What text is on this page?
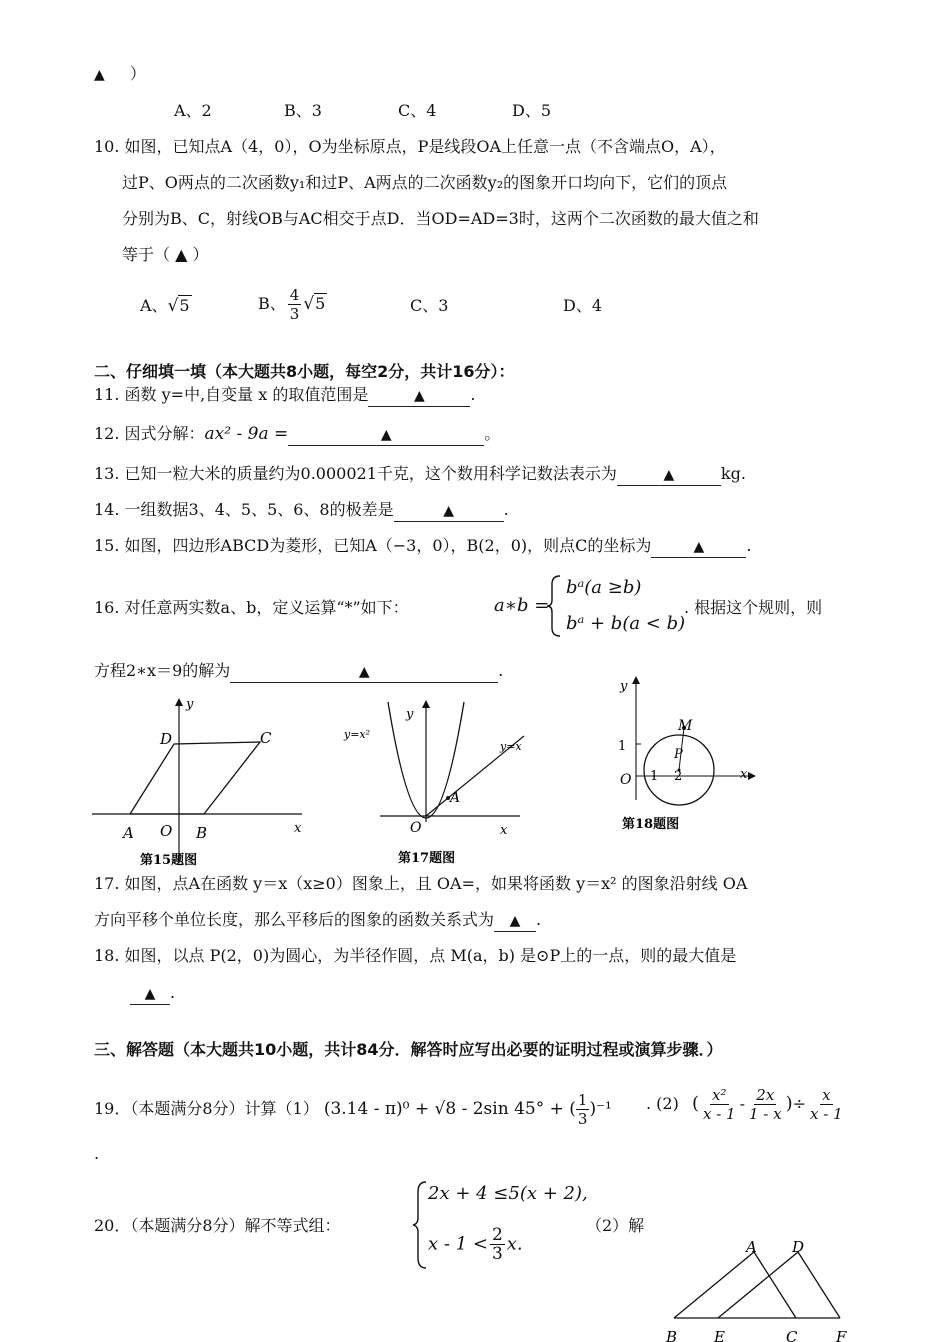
▲ ）
A、2	B、3	C、4	D、5
10. 如图，已知点A（4，0），O为坐标原点，P是线段OA上任意一点（不含端点O，A），
过P、O两点的二次函数y₁和过P、A两点的二次函数y₂的图象开口均向下，它们的顶点
分别为B、C，射线OB与AC相交于点D．当OD=AD=3时，这两个二次函数的最大值之和
等于（ ▲ ）
A、√5	B、 $\frac{4}{3} √5$	C、3	D、4
二、仔细填一填（本大题共8小题，每空2分，共计16分）：
11. 函数 y=中,自变量 x 的取值范围是	▲	.
12. 因式分解：ax² - 9a =	▲	。
13. 已知一粒大米的质量约为0.000021千克，这个数用科学记数法表示为	▲	kg.
14. 一组数据3、4、5、5、6、8的极差是	▲	.
15. 如图，四边形ABCD为菱形，已知A（−3，0），B(2，0)，则点C的坐标为	▲	.
16. 对任意两实数a、b，定义运算“*”如下：	a∗b =
bᵃ(a ≥b)
bᵃ + b(a < b)
. 根据这个规则，则
方程2∗x＝9的解为	▲	.
y
x
D	C
A O B
第15题图
y
x
O
A
y=x²
y=x
第17题图
y
x
O
1
1 2
M
P
第18题图
17. 如图，点A在函数 y＝x（x≥0）图象上，且 OA=，如果将函数 y＝x² 的图象沿射线 OA
方向平移个单位长度，那么平移后的图象的函数关系式为 ▲ .
18. 如图，以点 P(2，0)为圆心，为半径作圆，点 M(a，b) 是⊙P上的一点，则的最大值是
▲ .
三、解答题（本大题共10小题，共计84分．解答时应写出必要的证明过程或演算步骤．）
19．（本题满分8分）计算（1） (3.14 - π)⁰ + √8 - 2sin 45° + ( $\frac{1}{3} )^{-1}$ . (2) ( $\frac{\text{x²}}{x - 1} - \frac{2x}{1 - x}$ )÷ $\frac{x}{x - 1}$
.
20．（本题满分8分）解不等式组：
2x + 4 ≤5(x + 2),
$x - 1 < \frac{2}{3} x$.
（2）解
A D
B E	C	F
